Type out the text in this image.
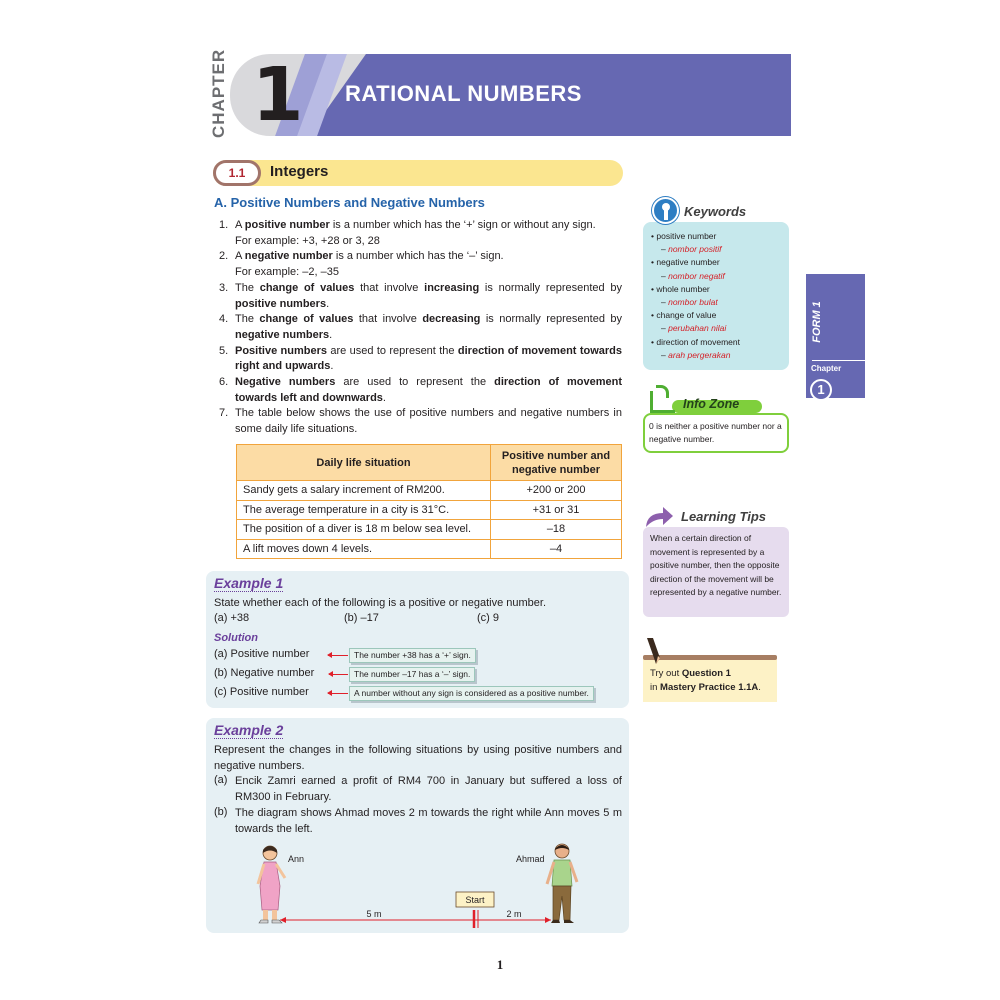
CHAPTER 1 RATIONAL NUMBERS
1.1	Integers
A. Positive Numbers and Negative Numbers
1. A positive number is a number which has the ‘+’ sign or without any sign.
For example: +3, +28 or 3, 28
2. A negative number is a number which has the ‘–’ sign.
For example: –2, –35
3. The change of values that involve increasing is normally represented by positive numbers.
4. The change of values that involve decreasing is normally represented by negative numbers.
5. Positive numbers are used to represent the direction of movement towards right and upwards.
6. Negative numbers are used to represent the direction of movement towards left and downwards.
7. The table below shows the use of positive numbers and negative numbers in some daily life situations.
Daily life situation	Positive number and negative number
Sandy gets a salary increment of RM200.	+200 or 200
The average temperature in a city is 31°C.	+31 or 31
The position of a diver is 18 m below sea level.	–18
A lift moves down 4 levels.	–4
Example 1
State whether each of the following is a positive or negative number.
(a) +38	(b) –17	(c) 9
Solution
(a) Positive number
(b) Negative number
(c) Positive number
The number +38 has a ‘+’ sign.
The number –17 has a ‘–’ sign.
A number without any sign is considered as a positive number.
Example 2
Represent the changes in the following situations by using positive numbers and negative numbers.
(a) Encik Zamri earned a profit of RM4 700 in January but suffered a loss of RM300 in February.
(b) The diagram shows Ahmad moves 2 m towards the right while Ann moves 5 m towards the left.
Ann	Ahmad
Start
5 m	2 m
Keywords
• positive number
– nombor positif
• negative number
– nombor negatif
• whole number
– nombor bulat
• change of value
– perubahan nilai
• direction of movement
– arah pergerakan
FORM 1
Chapter
1
Info Zone
0 is neither a positive number nor a negative number.
Learning Tips
When a certain direction of movement is represented by a positive number, then the opposite direction of the movement will be represented by a negative number.
Try out Question 1
in Mastery Practice 1.1A.
1
